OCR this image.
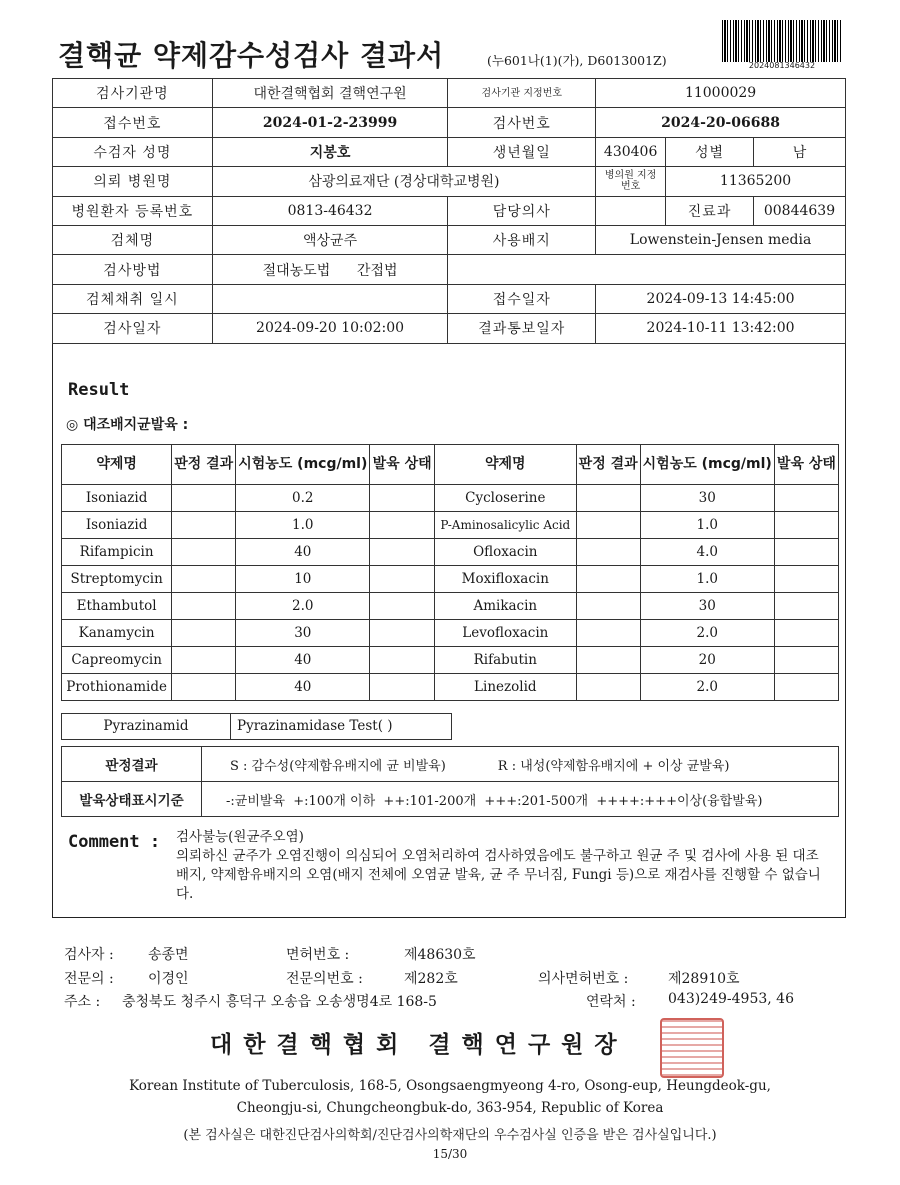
결핵균 약제감수성검사 결과서	(누601나(1)(가), D6013001Z)	2024081346432
검사기관명	대한결핵협회 결핵연구원	검사기관 지정번호	11000029		
접수번호	2024-01-2-23999	검사번호	2024-20-06688		
수검자 성명	지봉호	생년월일	430406	성별	남
의뢰 병원명	삼광의료재단 (경상대학교병원)		병의원 지정번호	11365200	
병원환자 등록번호	0813-46432	담당의사		진료과	00844639
검체명	액상균주	사용배지	Lowenstein-Jensen media		
검사방법	절대농도법 간접법				
검체채취 일시		접수일자	2024-09-13 14:45:00		
검사일자	2024-09-20 10:02:00	결과통보일자	2024-10-11 13:42:00		
Result
◎ 대조배지균발육 :
약제명	판정 결과	시험농도 (mcg/ml)	발육 상태	약제명	판정 결과	시험농도 (mcg/ml)	발육 상태
Isoniazid		0.2		Cycloserine		30	
Isoniazid		1.0		P-Aminosalicylic Acid		1.0	
Rifampicin		40		Ofloxacin		4.0	
Streptomycin		10		Moxifloxacin		1.0	
Ethambutol		2.0		Amikacin		30	
Kanamycin		30		Levofloxacin		2.0	
Capreomycin		40		Rifabutin		20	
Prothionamide		40		Linezolid		2.0	
Pyrazinamid	Pyrazinamidase Test( )
판정결과	S : 감수성(약제함유배지에 균 비발육) R : 내성(약제함유배지에 + 이상 균발육)
발육상태표시기준	-:균비발육  +:100개 이하  ++:101-200개  +++:201-500개  ++++:+++이상(융합발육)
Comment : 검사불능(원균주오염)
의뢰하신 균주가 오염진행이 의심되어 오염처리하여 검사하였음에도 불구하고 원균 주 및 검사에 사용 된 대조배지, 약제함유배지의 오염(배지 전체에 오염균 발육, 균 주 무너짐, Fungi 등)으로 재검사를 진행할 수 없습니다.
검사자 : 송종면	면허번호 :	제48630호
전문의 : 이경인	전문의번호 :	제282호	의사면허번호 :	제28910호
주소 : 충청북도 청주시 흥덕구 오송읍 오송생명4로 168-5	연락처 : 043)249-4953, 46
대한결핵협회 결핵연구원장
Korean Institute of Tuberculosis, 168-5, Osongsaengmyeong 4-ro, Osong-eup, Heungdeok-gu,
Cheongju-si, Chungcheongbuk-do, 363-954, Republic of Korea
(본 검사실은 대한진단검사의학회/진단검사의학재단의 우수검사실 인증을 받은 검사실입니다.)
15/30
